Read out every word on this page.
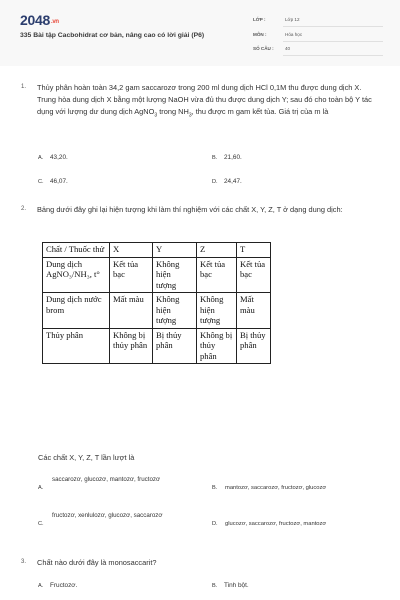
2048.vn
335 Bài tập Cacbohidrat cơ bản, nâng cao có lời giải (P6)
LỚP :	Lớp 12
MÔN :	Hóa học
SỐ CÂU : 40
1. Thủy phân hoàn toàn 34,2 gam saccarozơ trong 200 ml dung dịch HCl 0,1M thu được dung dịch X. Trung hòa dung dịch X bằng một lượng NaOH vừa đủ thu được dung dịch Y; sau đó cho toàn bộ Y tác dụng với lượng dư dung dịch AgNO$_3$ trong $NH_3$, thu được m gam kết tủa. Giá trị của m là
A. 43,20.	B. 21,60.
C. 46,07.	D. 24,47.
2. Bảng dưới đây ghi lại hiện tượng khi làm thí nghiệm với các chất X, Y, Z, T ở dạng dung dịch:
Chất / Thuốc thử	X	Y	Z	T
Dung dịch AgNO₃/NH₃, t°	Kết tủa bạc	Không hiện tượng	Kết tủa bạc	Kết tủa bạc
Dung dịch nước brom	Mất màu	Không hiện tượng	Không hiện tượng	Mất màu
Thủy phân	Không bị thủy phân	Bị thủy phân	Không bị thủy phân	Bị thủy phân
Các chất X, Y, Z, T lần lượt là
A.
saccarozơ, glucozơ, mantozơ, fructozơ
B. mantozơ, saccarozơ, fructozơ, glucozơ
C.
fructozơ, xenlulozơ, glucozơ, saccarozơ
D. glucozơ, saccarozơ, fructozơ, mantozơ
3. Chất nào dưới đây là monosaccarit?
A. Fructozơ.	B. Tinh bột.
